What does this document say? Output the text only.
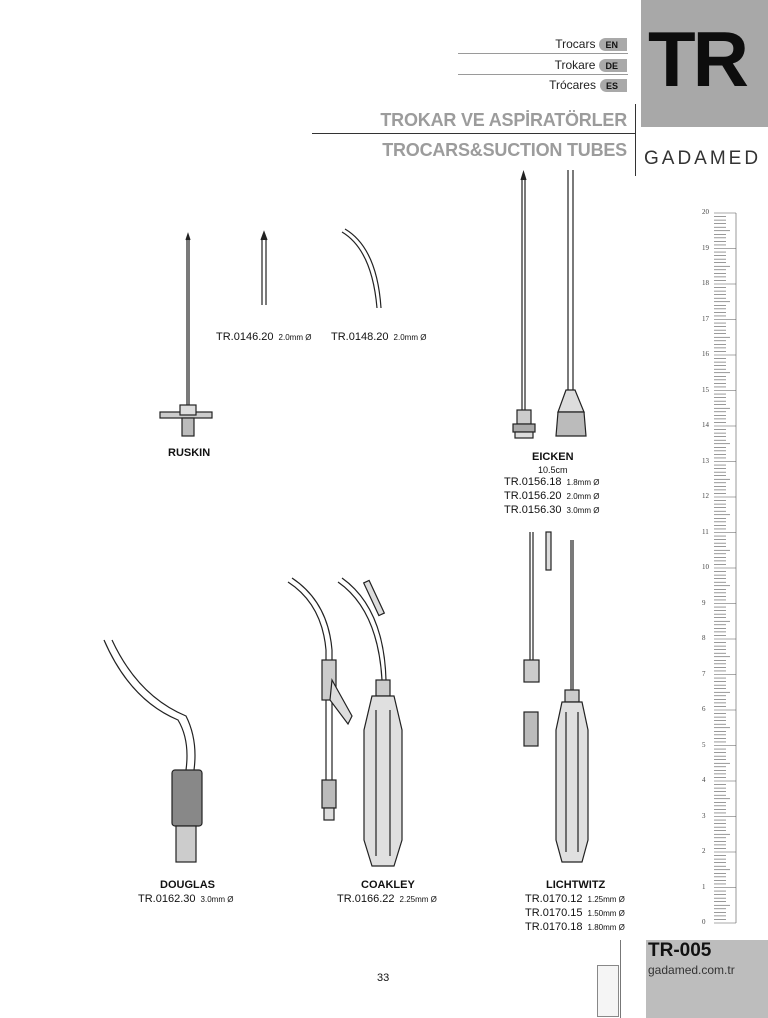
Trocars	EN
Trokare	DE
Trócares	ES TR
TROKAR VE ASPİRATÖRLER
TROCARS&SUCTION TUBES GADAMED
RUSKIN
TR.0146.20 2.0mm Ø TR.0148.20 2.0mm Ø
EICKEN
10.5cm
TR.0156.18 1.8mm Ø
TR.0156.20 2.0mm Ø
TR.0156.30 3.0mm Ø
DOUGLAS
TR.0162.30 3.0mm Ø
COAKLEY
TR.0166.22 2.25mm Ø
LICHTWITZ
TR.0170.12 1.25mm Ø
TR.0170.15 1.50mm Ø
TR.0170.18 1.80mm Ø
20
19
18
17
16
15
14
13
12
11
10
9
8
7
6
5
4
3
2
1
0
TR-005
gadamed.com.tr
33
